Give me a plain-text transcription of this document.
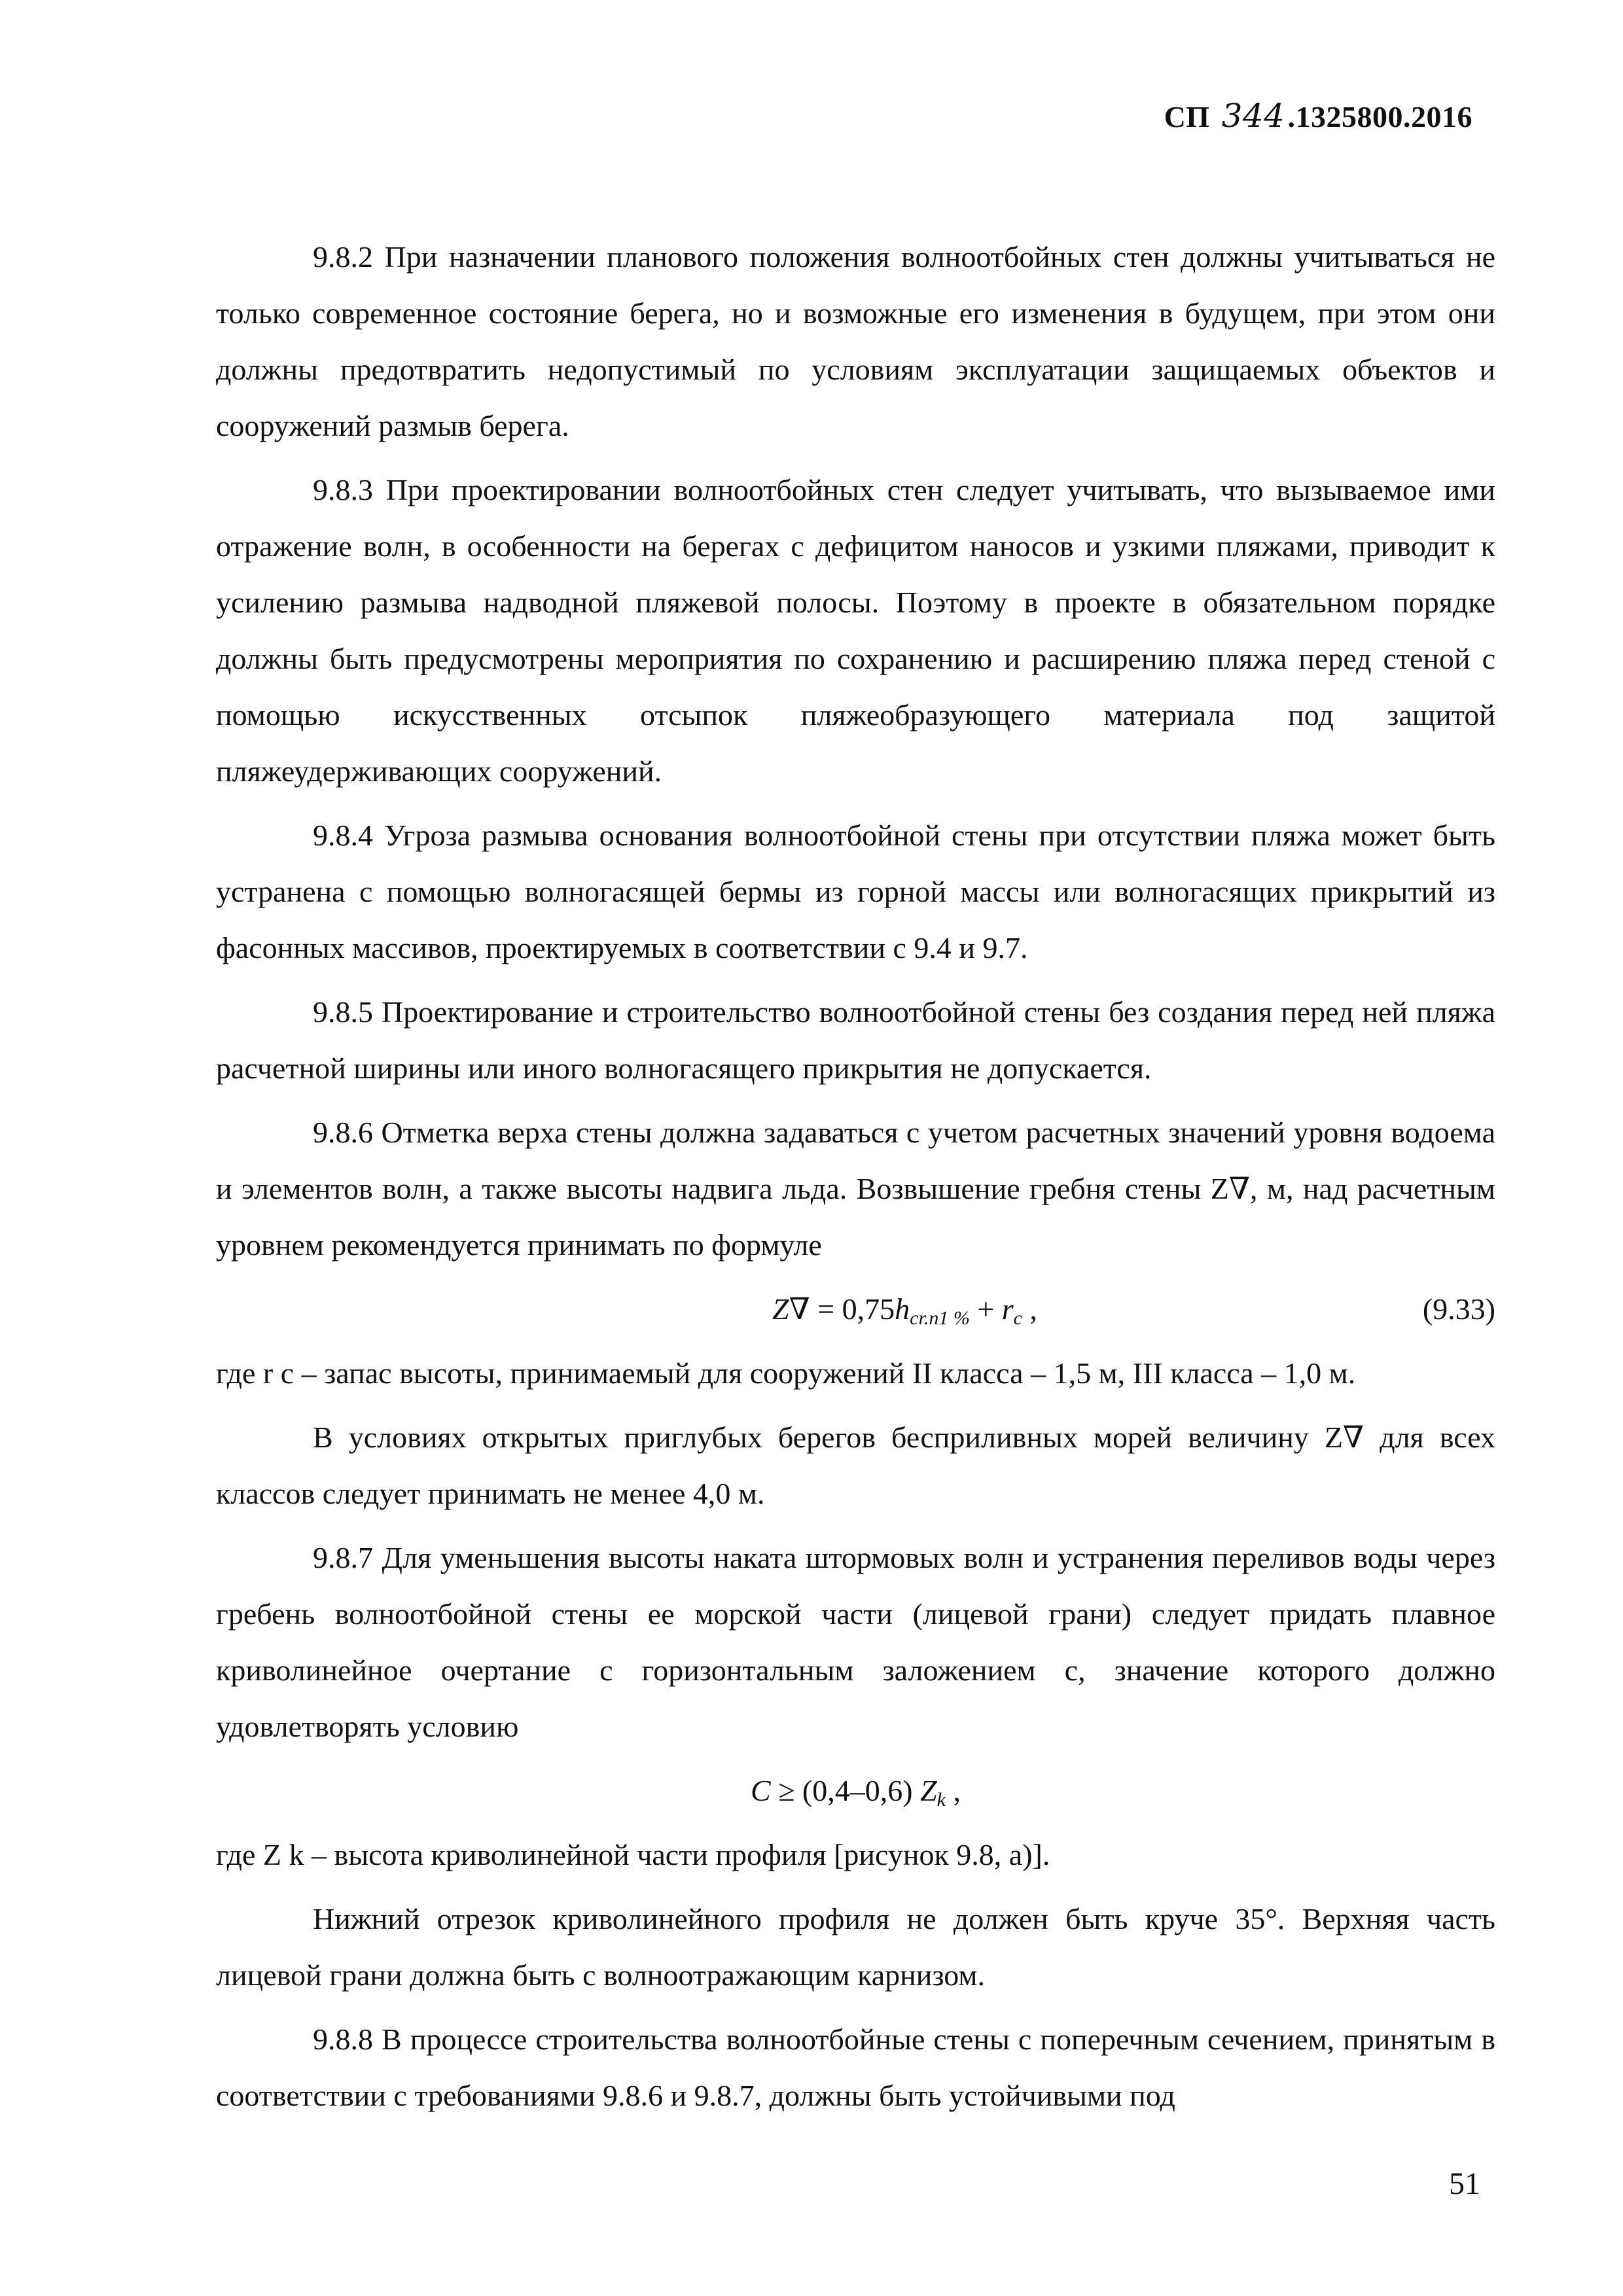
СП 344.1325800.2016

9.8.2 При назначении планового положения волноотбойных стен должны учитываться не только современное состояние берега, но и возможные его изменения в будущем, при этом они должны предотвратить недопустимый по условиям эксплуатации защищаемых объектов и сооружений размыв берега.

9.8.3 При проектировании волноотбойных стен следует учитывать, что вызываемое ими отражение волн, в особенности на берегах с дефицитом наносов и узкими пляжами, приводит к усилению размыва надводной пляжевой полосы. Поэтому в проекте в обязательном порядке должны быть предусмотрены мероприятия по сохранению и расширению пляжа перед стеной с помощью искусственных отсыпок пляжеобразующего материала под защитой пляжеудерживающих сооружений.

9.8.4 Угроза размыва основания волноотбойной стены при отсутствии пляжа может быть устранена с помощью волногасящей бермы из горной массы или волногасящих прикрытий из фасонных массивов, проектируемых в соответствии с 9.4 и 9.7.

9.8.5 Проектирование и строительство волноотбойной стены без создания перед ней пляжа расчетной ширины или иного волногасящего прикрытия не допускается.

9.8.6 Отметка верха стены должна задаваться с учетом расчетных значений уровня водоема и элементов волн, а также высоты надвига льда. Возвышение гребня стены Z∇, м, над расчетным уровнем рекомендуется принимать по формуле

$Z\nabla = 0,75h_{cr.n1 \%} + r_c$ ,	(9.33)

где r с – запас высоты, принимаемый для сооружений II класса – 1,5 м, III класса – 1,0 м.

В условиях открытых приглубых берегов бесприливных морей величину Z∇ для всех классов следует принимать не менее 4,0 м.

9.8.7 Для уменьшения высоты наката штормовых волн и устранения переливов воды через гребень волноотбойной стены ее морской части (лицевой грани) следует придать плавное криволинейное очертание с горизонтальным заложением с, значение которого должно удовлетворять условию

C ≥ (0,4–0,6) $Z_k$ ,

где Z k – высота криволинейной части профиля [рисунок 9.8, а)].

Нижний отрезок криволинейного профиля не должен быть круче 35°. Верхняя часть лицевой грани должна быть с волноотражающим карнизом.

9.8.8 В процессе строительства волноотбойные стены с поперечным сечением, принятым в соответствии с требованиями 9.8.6 и 9.8.7, должны быть устойчивыми под

51
